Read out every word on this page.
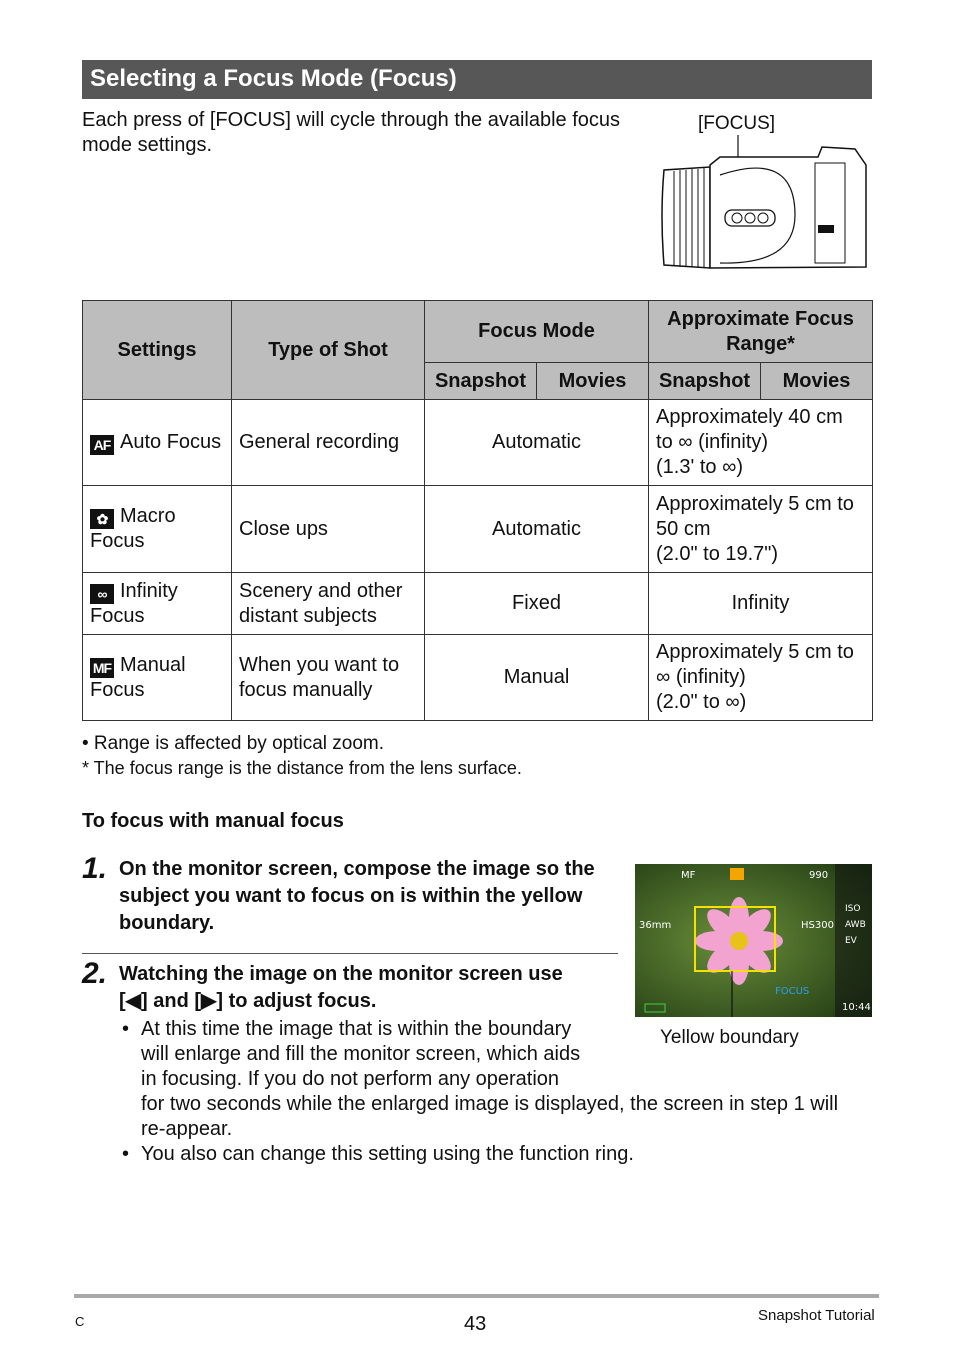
Selecting a Focus Mode (Focus)
Each press of [FOCUS] will cycle through the available focus mode settings.
[FOCUS]
Settings	Type of Shot	Focus Mode		Approximate Focus Range*	
		Snapshot	Movies	Snapshot	Movies
AF Auto Focus	General recording	Automatic		Approximately 40 cm
to ∞ (infinity)
(1.3' to ∞)	

✿ Macro Focus	Close ups	Automatic		Approximately 5 cm to
50 cm
(2.0" to 19.7")	

∞ Infinity Focus	Scenery and other distant subjects	Fixed		Infinity	
MF Manual Focus	When you want to focus manually	Manual		Approximately 5 cm to
∞ (infinity)
(2.0" to ∞)	
• Range is affected by optical zoom.
* The focus range is the distance from the lens surface.
To focus with manual focus
1. On the monitor screen, compose the image so the subject you want to focus on is within the yellow boundary.
2. Watching the image on the monitor screen use [◀] and [▶] to adjust focus.
• At this time the image that is within the boundary
will enlarge and fill the monitor screen, which aids
in focusing. If you do not perform any operation
for two seconds while the enlarged image is displayed, the screen in step 1 will
re-appear.
• You also can change this setting using the function ring.
MF	990
36mm	HS300
FOCUS
10:44
ISO
AWB
EV
Yellow boundary
C	43	Snapshot Tutorial
